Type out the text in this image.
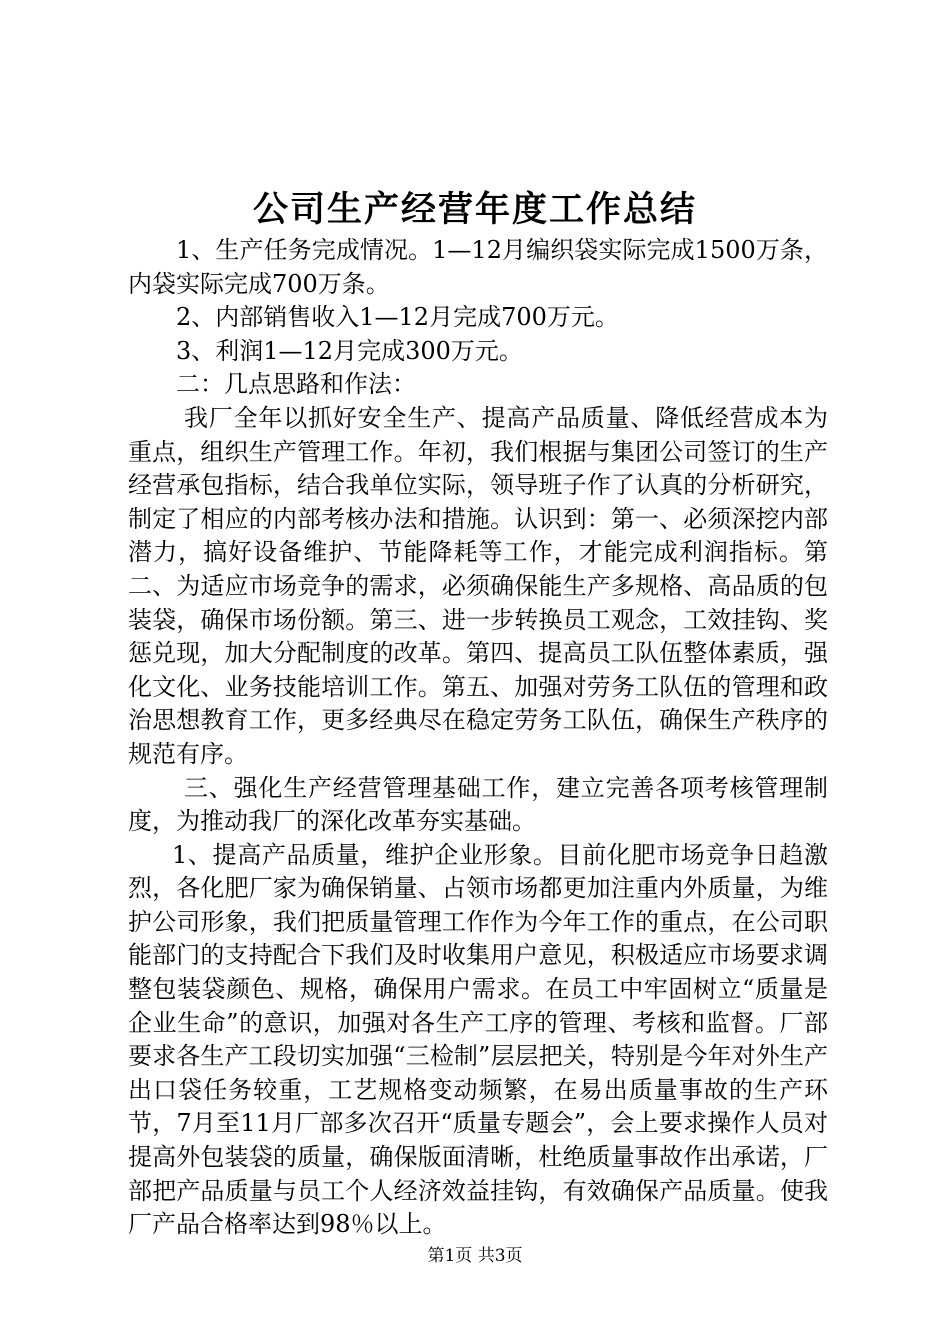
公司生产经营年度工作总结

1、生产任务完成情况。1—12月编织袋实际完成1500万条，内袋实际完成700万条。

2、内部销售收入1—12月完成700万元。

3、利润1—12月完成300万元。

二：几点思路和作法：

我厂全年以抓好安全生产、提高产品质量、降低经营成本为重点，组织生产管理工作。年初，我们根据与集团公司签订的生产经营承包指标，结合我单位实际，领导班子作了认真的分析研究，制定了相应的内部考核办法和措施。认识到：第一、必须深挖内部潜力，搞好设备维护、节能降耗等工作，才能完成利润指标。第二、为适应市场竞争的需求，必须确保能生产多规格、高品质的包装袋，确保市场份额。第三、进一步转换员工观念，工效挂钩、奖惩兑现，加大分配制度的改革。第四、提高员工队伍整体素质，强化文化、业务技能培训工作。第五、加强对劳务工队伍的管理和政治思想教育工作，更多经典尽在稳定劳务工队伍，确保生产秩序的规范有序。

三、强化生产经营管理基础工作，建立完善各项考核管理制度，为推动我厂的深化改革夯实基础。

1、提高产品质量，维护企业形象。目前化肥市场竞争日趋激烈，各化肥厂家为确保销量、占领市场都更加注重内外质量，为维护公司形象，我们把质量管理工作作为今年工作的重点，在公司职能部门的支持配合下我们及时收集用户意见，积极适应市场要求调整包装袋颜色、规格，确保用户需求。在员工中牢固树立“质量是企业生命”的意识，加强对各生产工序的管理、考核和监督。厂部要求各生产工段切实加强“三检制”层层把关，特别是今年对外生产出口袋任务较重，工艺规格变动频繁，在易出质量事故的生产环节，7月至11月厂部多次召开“质量专题会”，会上要求操作人员对提高外包装袋的质量，确保版面清晰，杜绝质量事故作出承诺，厂部把产品质量与员工个人经济效益挂钩，有效确保产品质量。使我厂产品合格率达到98％以上。

第1页 共3页
